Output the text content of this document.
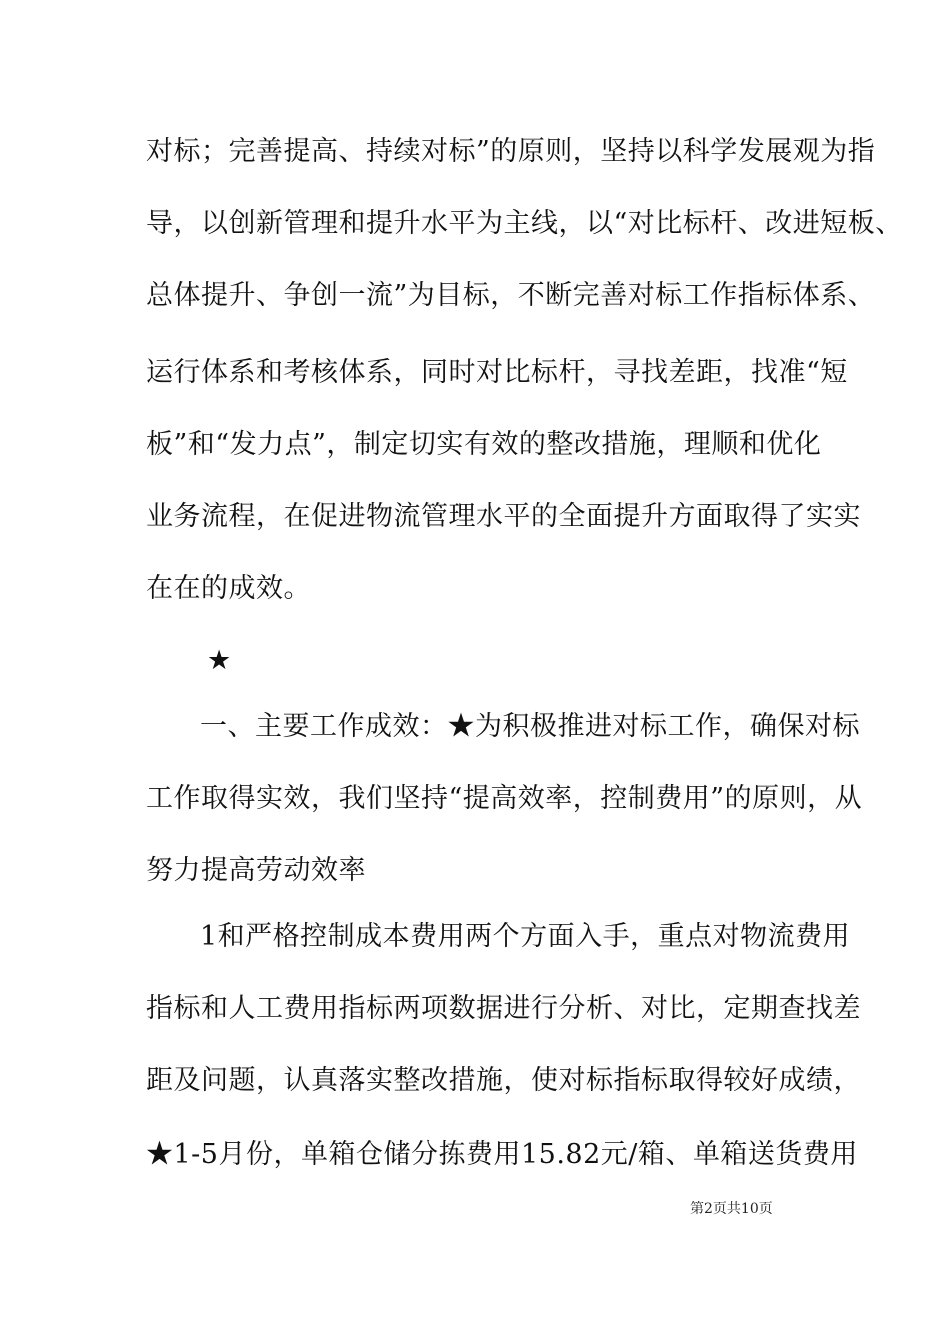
对标；完善提高、持续对标”的原则，坚持以科学发展观为指
导，以创新管理和提升水平为主线，以“对比标杆、改进短板、
总体提升、争创一流”为目标，不断完善对标工作指标体系、
运行体系和考核体系，同时对比标杆，寻找差距，找准“短
板”和“发力点”，制定切实有效的整改措施，理顺和优化
业务流程，在促进物流管理水平的全面提升方面取得了实实
在在的成效。
★
一、主要工作成效：★为积极推进对标工作，确保对标
工作取得实效，我们坚持“提高效率，控制费用”的原则，从
努力提高劳动效率
1和严格控制成本费用两个方面入手，重点对物流费用
指标和人工费用指标两项数据进行分析、对比，定期查找差
距及问题，认真落实整改措施，使对标指标取得较好成绩，
★1-5月份，单箱仓储分拣费用15.82元/箱、单箱送货费用
第2页共10页
